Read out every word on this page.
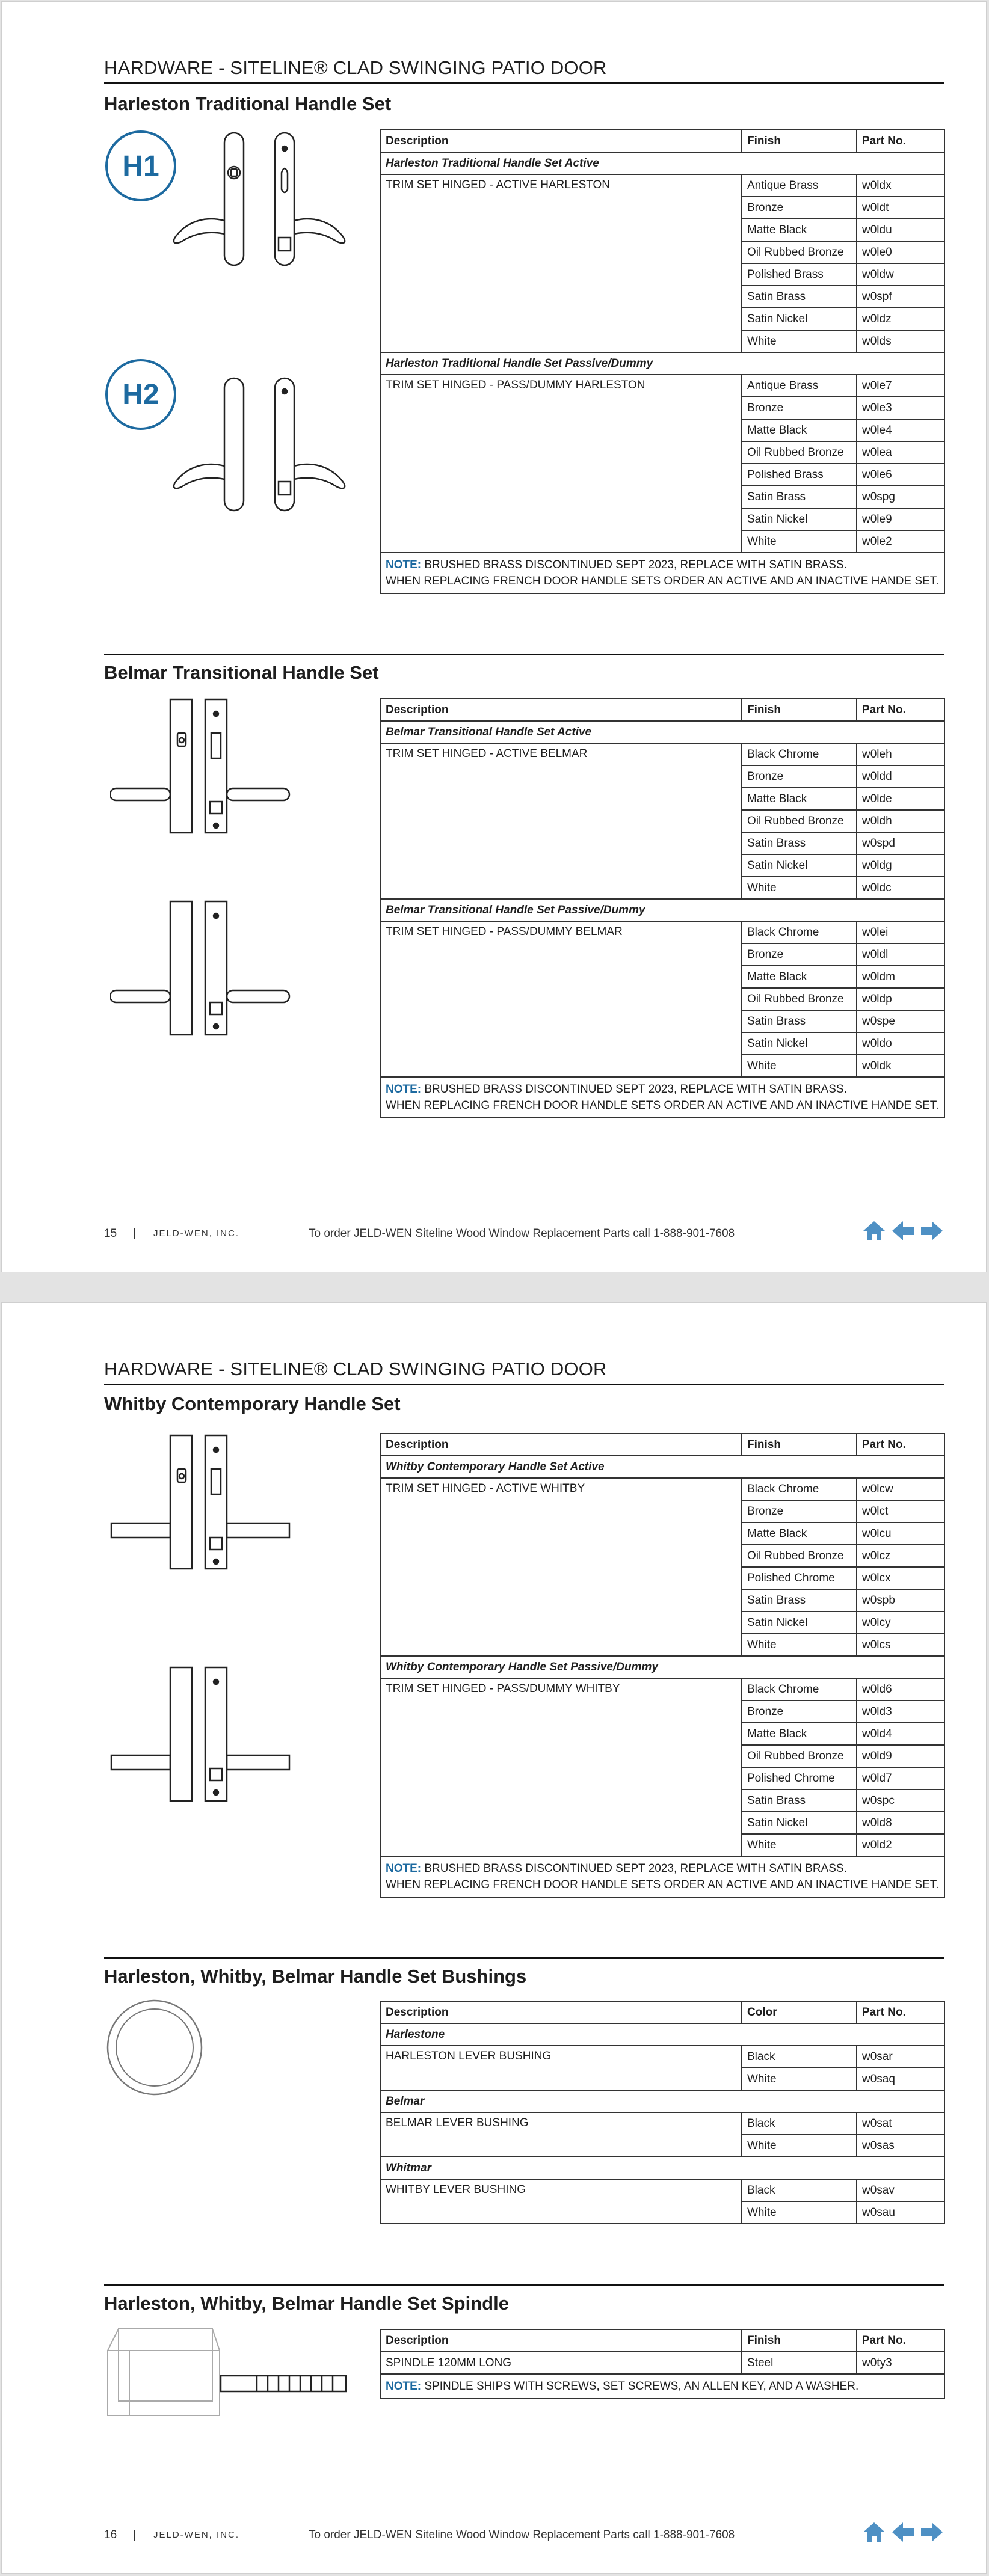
HARDWARE - SITELINE® CLAD SWINGING PATIO DOOR
Harleston Traditional Handle Set
H1
H2
Description	Finish	Part No.
Harleston Traditional Handle Set Active		
TRIM SET HINGED - ACTIVE HARLESTON	Antique Brass	w0ldx
	Bronze	w0ldt
	Matte Black	w0ldu
	Oil Rubbed Bronze	w0le0
	Polished Brass	w0ldw
	Satin Brass	w0spf
	Satin Nickel	w0ldz
	White	w0lds
Harleston Traditional Handle Set Passive/Dummy		
TRIM SET HINGED - PASS/DUMMY HARLESTON	Antique Brass	w0le7
	Bronze	w0le3
	Matte Black	w0le4
	Oil Rubbed Bronze	w0lea
	Polished Brass	w0le6
	Satin Brass	w0spg
	Satin Nickel	w0le9
	White	w0le2
NOTE: BRUSHED BRASS DISCONTINUED SEPT 2023, REPLACE WITH SATIN BRASS.
WHEN REPLACING FRENCH DOOR HANDLE SETS ORDER AN ACTIVE AND AN INACTIVE HANDE SET.		
Belmar Transitional Handle Set
Description	Finish	Part No.
Belmar Transitional Handle Set Active		
TRIM SET HINGED - ACTIVE BELMAR	Black Chrome	w0leh
	Bronze	w0ldd
	Matte Black	w0lde
	Oil Rubbed Bronze	w0ldh
	Satin Brass	w0spd
	Satin Nickel	w0ldg
	White	w0ldc
Belmar Transitional Handle Set Passive/Dummy		
TRIM SET HINGED - PASS/DUMMY BELMAR	Black Chrome	w0lei
	Bronze	w0ldl
	Matte Black	w0ldm
	Oil Rubbed Bronze	w0ldp
	Satin Brass	w0spe
	Satin Nickel	w0ldo
	White	w0ldk
NOTE: BRUSHED BRASS DISCONTINUED SEPT 2023, REPLACE WITH SATIN BRASS.
WHEN REPLACING FRENCH DOOR HANDLE SETS ORDER AN ACTIVE AND AN INACTIVE HANDE SET.		
15 | JELD-WEN, INC.	To order JELD-WEN Siteline Wood Window Replacement Parts call 1-888-901-7608
HARDWARE - SITELINE® CLAD SWINGING PATIO DOOR
Whitby Contemporary Handle Set
Description	Finish	Part No.
Whitby Contemporary Handle Set Active		
TRIM SET HINGED - ACTIVE WHITBY	Black Chrome	w0lcw
	Bronze	w0lct
	Matte Black	w0lcu
	Oil Rubbed Bronze	w0lcz
	Polished Chrome	w0lcx
	Satin Brass	w0spb
	Satin Nickel	w0lcy
	White	w0lcs
Whitby Contemporary Handle Set Passive/Dummy		
TRIM SET HINGED - PASS/DUMMY WHITBY	Black Chrome	w0ld6
	Bronze	w0ld3
	Matte Black	w0ld4
	Oil Rubbed Bronze	w0ld9
	Polished Chrome	w0ld7
	Satin Brass	w0spc
	Satin Nickel	w0ld8
	White	w0ld2
NOTE: BRUSHED BRASS DISCONTINUED SEPT 2023, REPLACE WITH SATIN BRASS.
WHEN REPLACING FRENCH DOOR HANDLE SETS ORDER AN ACTIVE AND AN INACTIVE HANDE SET.		
Harleston, Whitby, Belmar Handle Set Bushings
Description	Color	Part No.
Harlestone		
HARLESTON LEVER BUSHING	Black	w0sar
	White	w0saq
Belmar		
BELMAR LEVER BUSHING	Black	w0sat
	White	w0sas
Whitmar		
WHITBY LEVER BUSHING	Black	w0sav
	White	w0sau
Harleston, Whitby, Belmar Handle Set Spindle
Description	Finish	Part No.
SPINDLE 120MM LONG	Steel	w0ty3
NOTE: SPINDLE SHIPS WITH SCREWS, SET SCREWS, AN ALLEN KEY, AND A WASHER.		
16 | JELD-WEN, INC.	To order JELD-WEN Siteline Wood Window Replacement Parts call 1-888-901-7608
